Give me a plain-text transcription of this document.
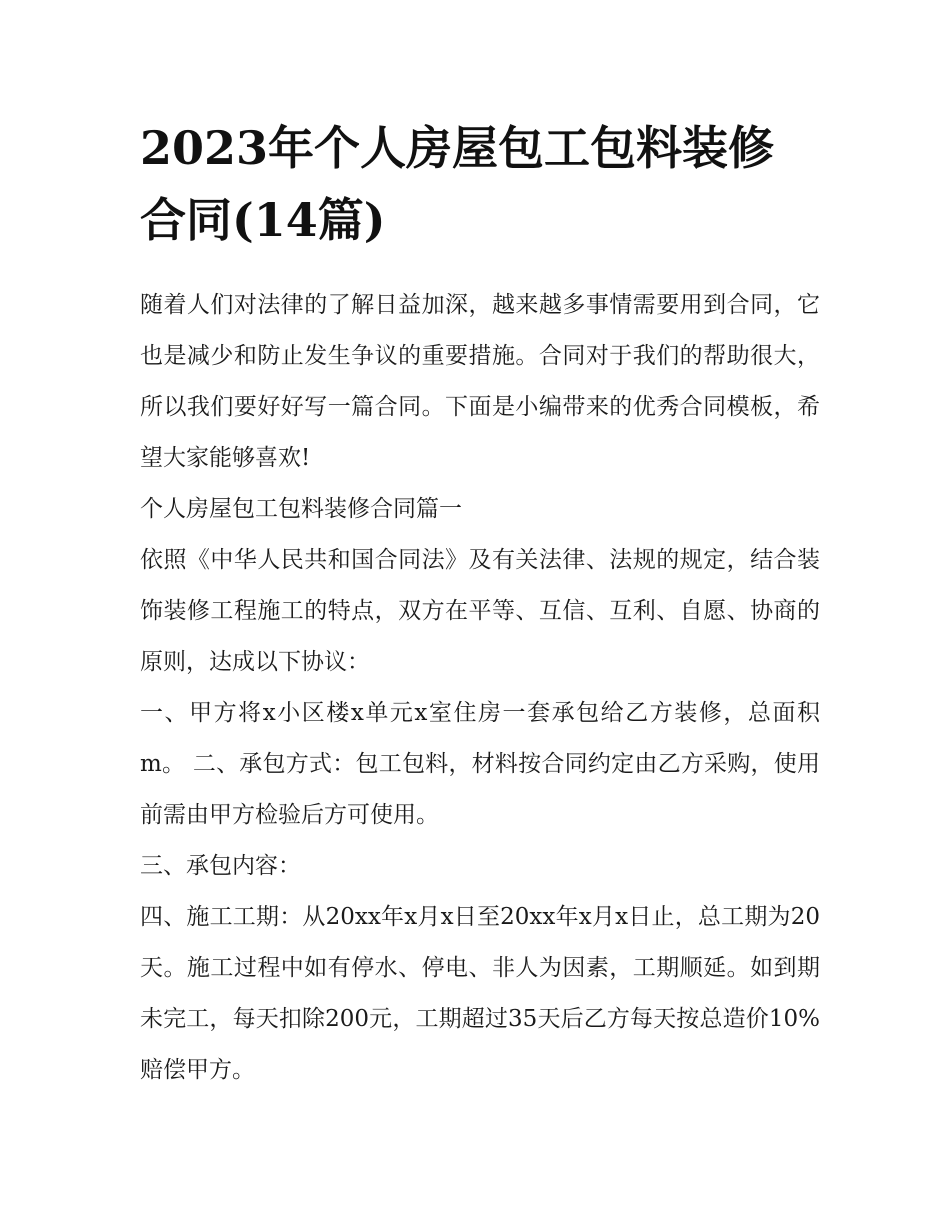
2023年个人房屋包工包料装修合同(14篇)

随着人们对法律的了解日益加深，越来越多事情需要用到合同，它也是减少和防止发生争议的重要措施。合同对于我们的帮助很大，所以我们要好好写一篇合同。下面是小编带来的优秀合同模板，希望大家能够喜欢!

个人房屋包工包料装修合同篇一

依照《中华人民共和国合同法》及有关法律、法规的规定，结合装饰装修工程施工的特点，双方在平等、互信、互利、自愿、协商的原则，达成以下协议：

一、甲方将x小区楼x单元x室住房一套承包给乙方装修，总面积m。 二、承包方式：包工包料，材料按合同约定由乙方采购，使用前需由甲方检验后方可使用。

三、承包内容：

四、施工工期：从20xx年x月x日至20xx年x月x日止，总工期为20天。施工过程中如有停水、停电、非人为因素，工期顺延。如到期未完工，每天扣除200元，工期超过35天后乙方每天按总造价10%赔偿甲方。
